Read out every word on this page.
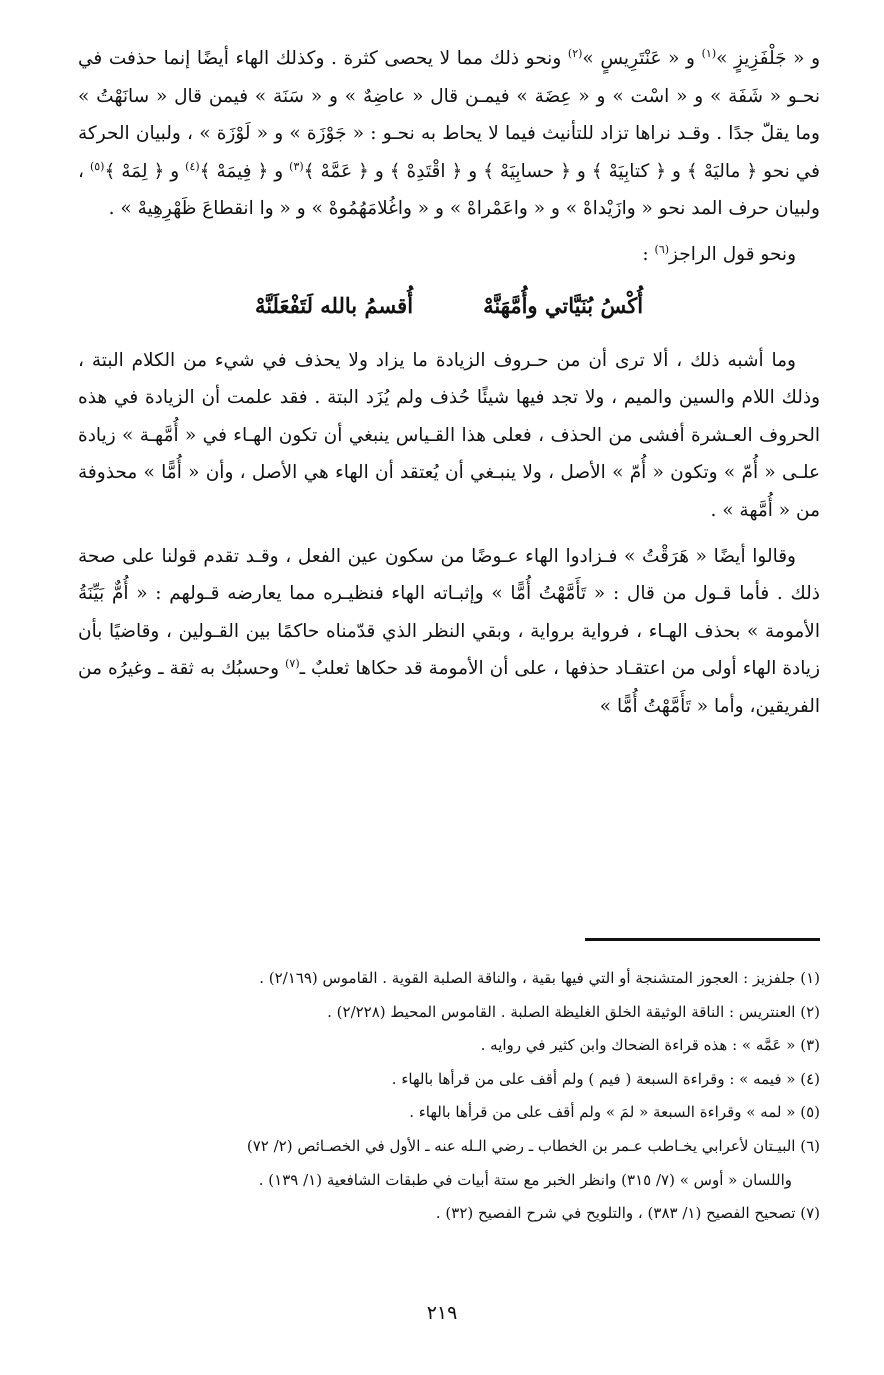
و « جَلْفَزِيزٍ »$^{(١)}$ و « عَنْتَرِيسٍ »$^{(٢)}$ ونحو ذلك مما لا يحصى كثرة . وكذلك الهاء أيضًا إنما حذفت في نحـو « شَفَة » و « اسْت » و « عِضَة » فيمـن قال « عاضِهٌ » و « سَنَة » فيمن قال « سانَهْتُ » وما يقلّ جدًا . وقـد نراها تزاد للتأنيث فيما لا يحاط به نحـو : « جَوْزَة » و « لَوْزَة » ، ولبيان الحركة في نحو ﴿ ماليَهْ ﴾ و ﴿ كتابِيَهْ ﴾ و ﴿ حسابِيَهْ ﴾ و ﴿ اقْتَدِهْ ﴾ و ﴿ عَمَّهْ ﴾$^{(٣)}$ و ﴿ فِيمَهْ ﴾$^{(٤)}$ و ﴿ لِمَهْ ﴾$^{(٥)}$ ، ولبيان حرف المد نحو « وازَيْداهْ » و « واعَمْراهْ » و « واغُلامَهُمُوهْ » و « وا انقطاعَ ظَهْرِهِيهْ » .

ونحو قول الراجز$^{(٦)}$ :

أُكْسُ بُنَيَّاتي وأُمَّهَنَّهْ
أُقسمُ بالله لَتَفْعَلَنَّهْ

وما أشبه ذلك ، ألا ترى أن من حـروف الزيادة ما يزاد ولا يحذف في شيء من الكلام البتة ، وذلك اللام والسين والميم ، ولا تجد فيها شيئًا حُذف ولم يُزَد البتة . فقد علمت أن الزيادة في هذه الحروف العـشرة أفشى من الحذف ، فعلى هذا القـياس ينبغي أن تكون الهـاء في « أُمَّهـة » زيادة علـى « أُمّ » وتكون « أُمّ » الأصل ، ولا ينبـغي أن يُعتقد أن الهاء هي الأصل ، وأن « أُمًّا » محذوفة من « أُمَّهة » .

وقالوا أيضًا « هَرَقْتُ » فـزادوا الهاء عـوضًا من سكون عين الفعل ، وقـد تقدم قولنا على صحة ذلك . فأما قـول من قال : « تَأَمَّهْتُ أُمًّا » وإثبـاته الهاء فنظيـره مما يعارضه قـولهم : « أُمٌّ بَيِّنَةُ الأمومة » بحذف الهـاء ، فرواية برواية ، وبقي النظر الذي قدّمناه حاكمًا بين القـولين ، وقاضيًا بأن زيادة الهاء أولى من اعتقـاد حذفها ، على أن الأمومة قد حكاها ثعلبٌ ـ$^{(٧)}$ وحسبُك به ثقة ـ وغيرُه من الفريقين، وأما « تَأَمَّهْتُ أُمًّا »

(١) جلفزيز : العجوز المتشنجة أو التي فيها بقية ، والناقة الصلبة القوية . القاموس (٢/١٦٩) .

(٢) العنتريس : الناقة الوثيقة الخلق الغليظة الصلبة . القاموس المحيط (٢/٢٢٨) .

(٣) « عَمَّه » : هذه قراءة الضحاك وابن كثير في روايه .

(٤) « فيمه » : وقراءة السبعة ( فيم ) ولم أقف على من قرأها بالهاء .

(٥) « لمه » وقراءة السبعة « لمَ » ولم أقف على من قرأها بالهاء .

(٦) البيـتان لأعرابي يخـاطب عـمر بن الخطاب ـ رضي الـله عنه ـ الأول في الخصـائص (٢/ ٧٢)

واللسان « أوس » (٧/ ٣١٥) وانظر الخبر مع ستة أبيات في طبقات الشافعية (١/ ١٣٩) .

(٧) تصحيح الفصيح (١/ ٣٨٣) ، والتلويح في شرح الفصيح (٣٢) .

٢١٩
